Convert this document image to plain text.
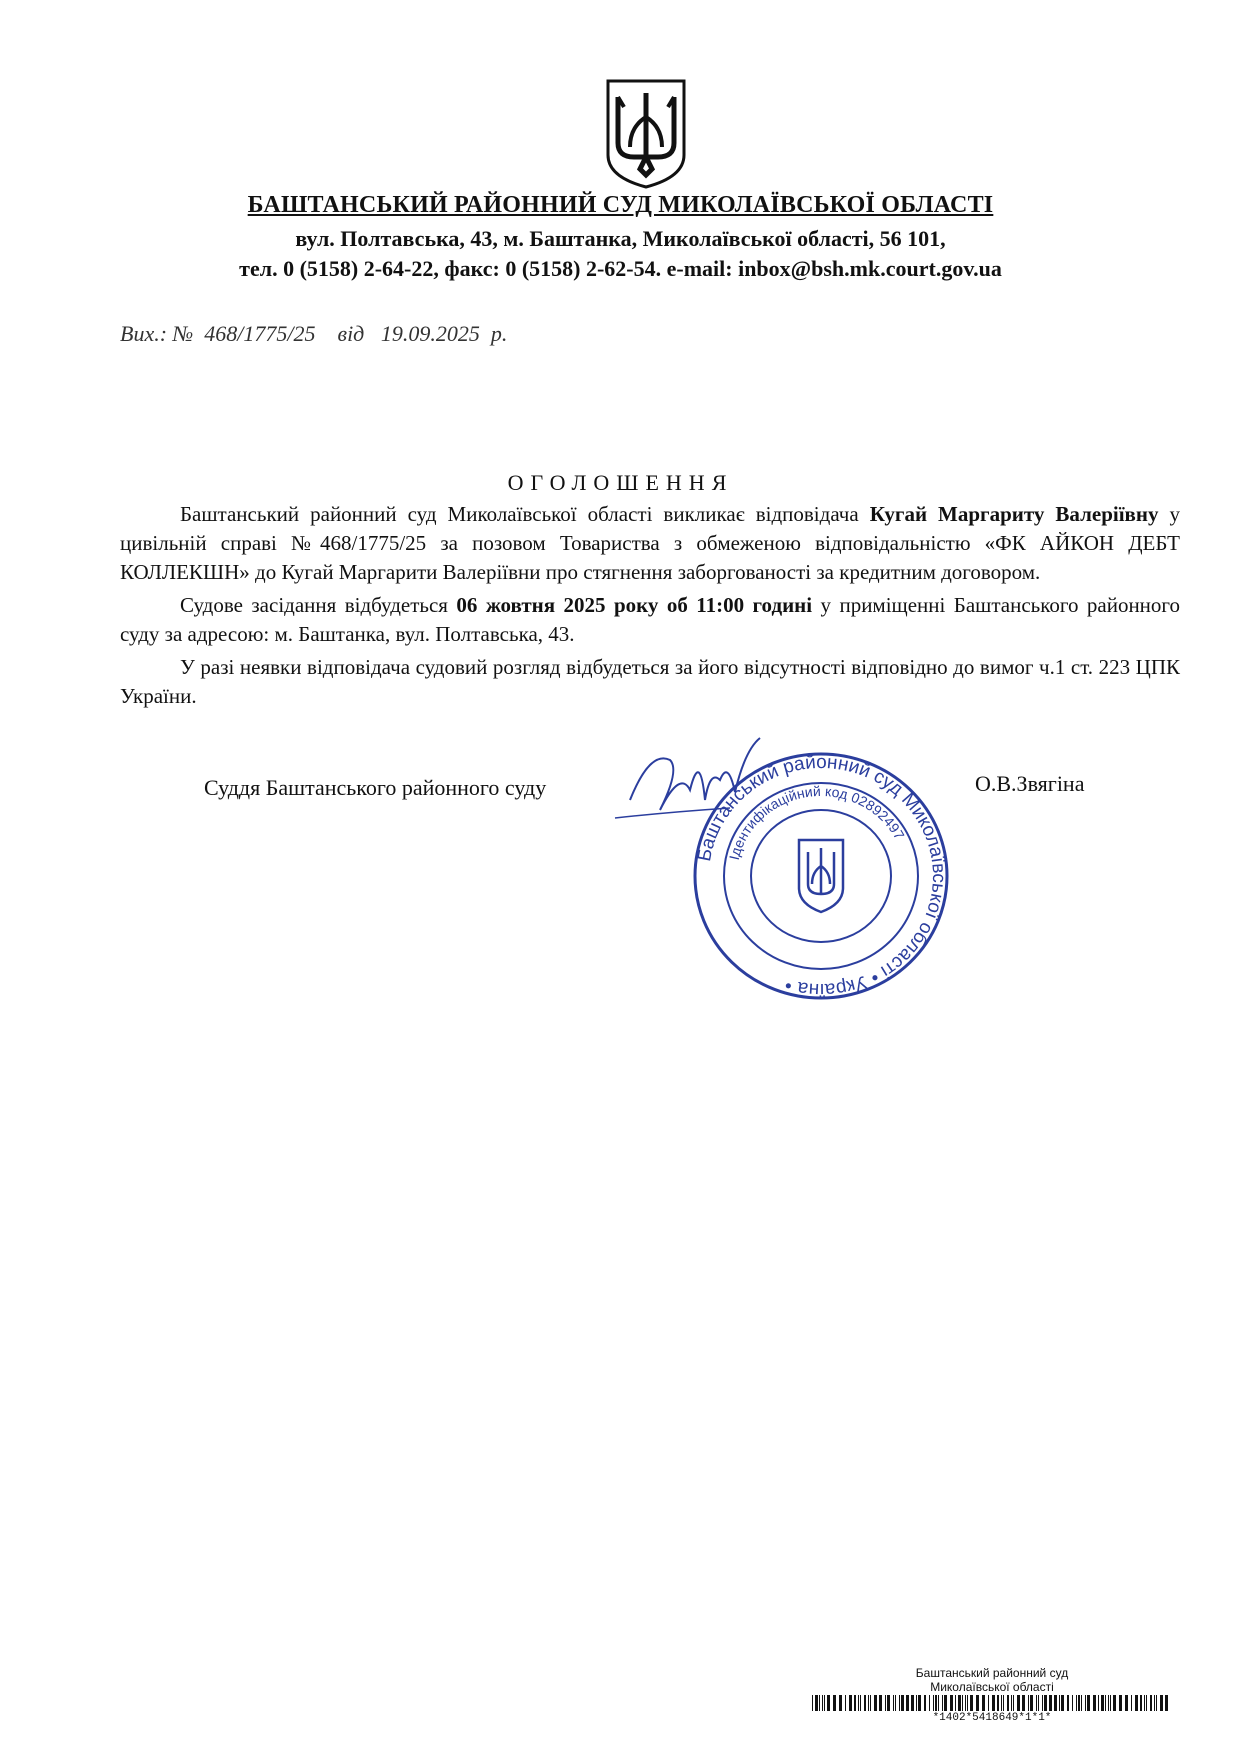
БАШТАНСЬКИЙ РАЙОННИЙ СУД МИКОЛАЇВСЬКОЇ ОБЛАСТІ
вул. Полтавська, 43, м. Баштанка, Миколаївської області, 56 101,
тел. 0 (5158) 2-64-22, факс: 0 (5158) 2-62-54. e-mail: inbox@bsh.mk.court.gov.ua
Вих.: № 468/1775/25 від 19.09.2025 р.
ОГОЛОШЕННЯ

Баштанський районний суд Миколаївської області викликає відповідача Кугай Маргариту Валеріївну у цивільній справі №468/1775/25 за позовом Товариства з обмеженою відповідальністю «ФК АЙКОН ДЕБТ КОЛЛЕКШН» до Кугай Маргарити Валеріївни про стягнення заборгованості за кредитним договором.

Судове засідання відбудеться 06 жовтня 2025 року об 11:00 годині у приміщенні Баштанського районного суду за адресою: м. Баштанка, вул. Полтавська, 43.

У разі неявки відповідача судовий розгляд відбудеться за його відсутності відповідно до вимог ч.1 ст. 223 ЦПК України.

Суддя Баштанського районного суду	О.В.Звягіна
Баштанський районний суд Миколаївської області • Україна •
Ідентифікаційний код 02892497
Баштанський районний суд
Миколаївської області
*1402*5418649*1*1*
